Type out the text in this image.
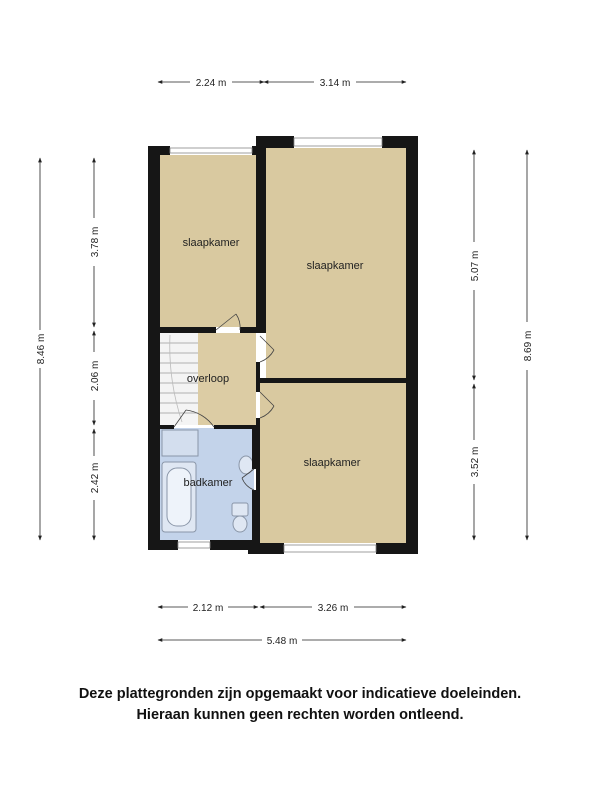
slaapkamer
slaapkamer
slaapkamer
overloop
badkamer
2.24 m	3.14 m
2.12 m	3.26 m
5.48 m
8.46 m
3.78 m
2.06 m
2.42 m
5.07 m
3.52 m
8.69 m
Deze plattegronden zijn opgemaakt voor indicatieve doeleinden.
Hieraan kunnen geen rechten worden ontleend.
